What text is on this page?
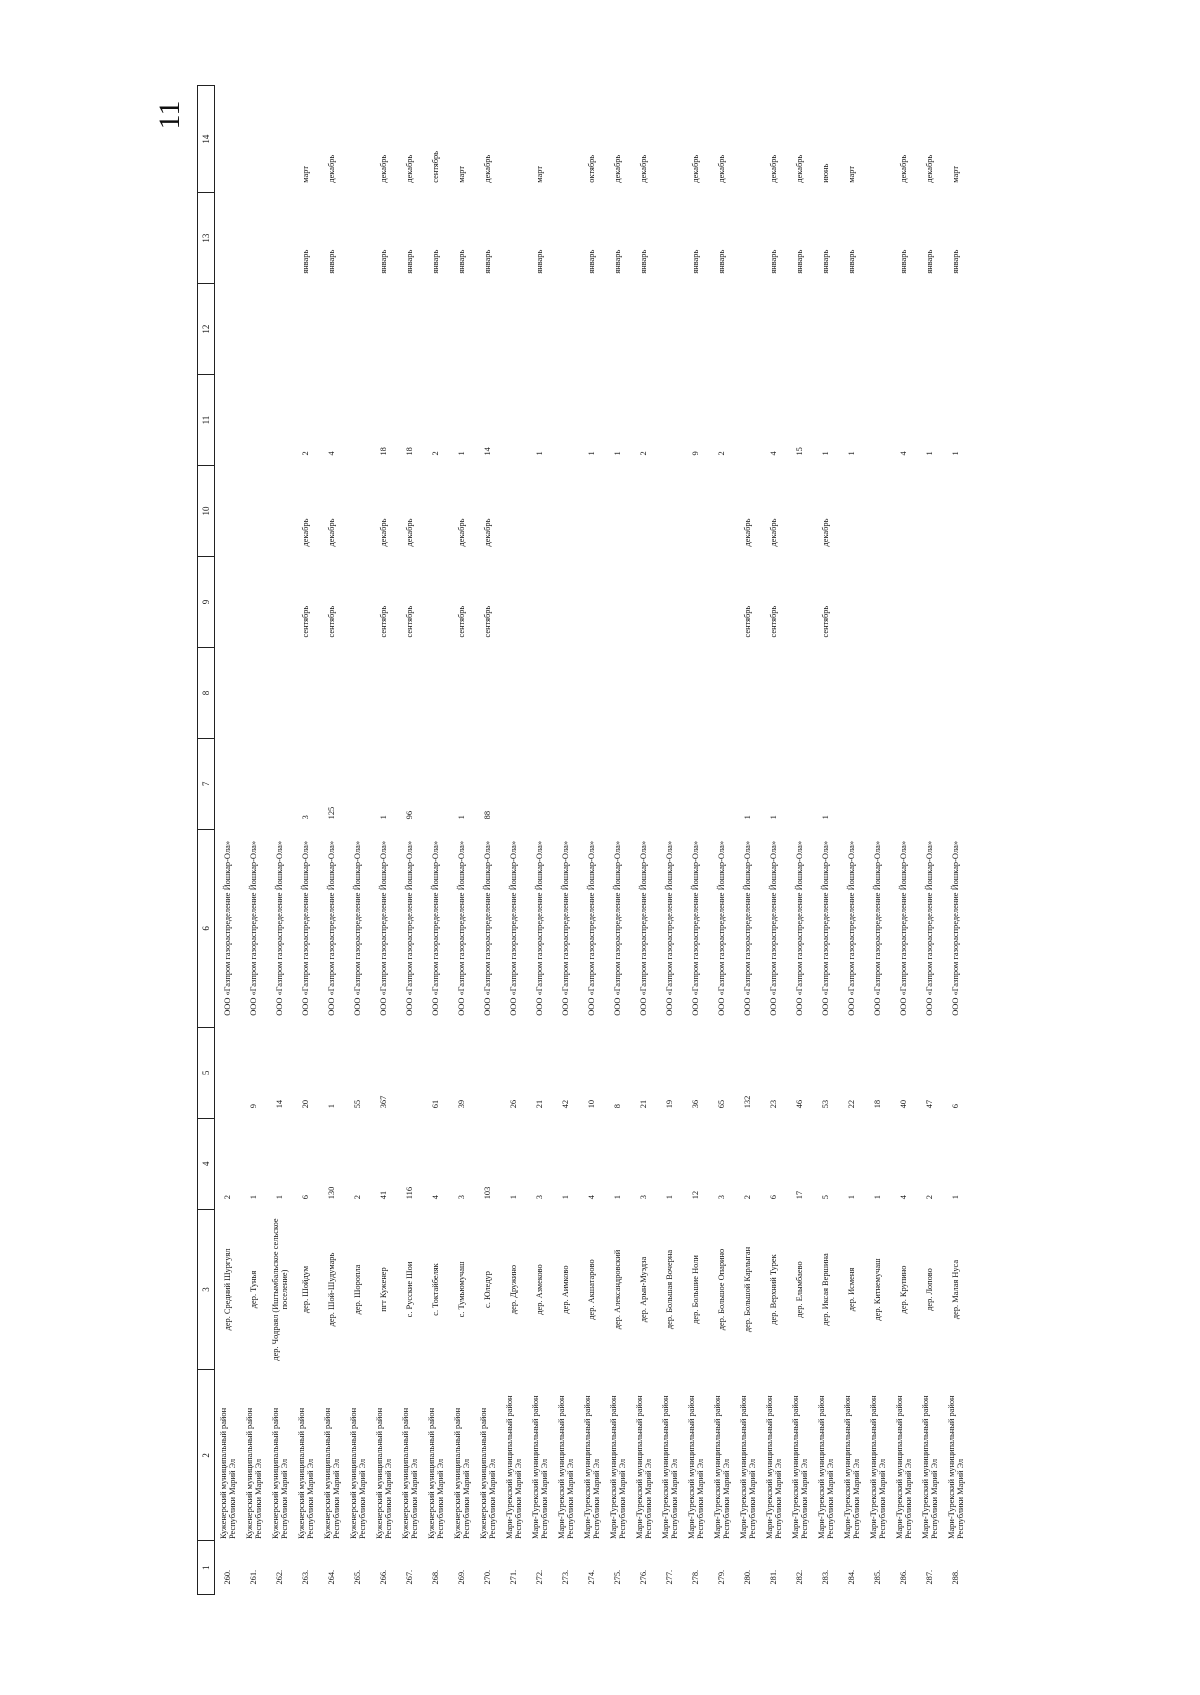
11
1	2	3	4	5	6	7	8	9	10	11	12	13	14
260.	Куженерский муниципальный район Республики Марий Эл	дер. Средний Шургуял	2		ООО «Газпром газораспределение Йошкар-Ола»								
261.	Куженерский муниципальный район Республики Марий Эл	дер. Тунья	1	9	ООО «Газпром газораспределение Йошкар-Ола»								
262.	Куженерский муниципальный район Республики Марий Эл	дер. Чодраял (Иштымбальское сельское поселение)	1	14	ООО «Газпром газораспределение Йошкар-Ола»								
263.	Куженерский муниципальный район Республики Марий Эл	дер. Шойдум	6	20	ООО «Газпром газораспределение Йошкар-Ола»	3		сентябрь	декабрь	2		январь	март
264.	Куженерский муниципальный район Республики Марий Эл	дер. Шой-Шудумарь	130	1	ООО «Газпром газораспределение Йошкар-Ола»	125		сентябрь	декабрь	4		январь	декабрь
265.	Куженерский муниципальный район Республики Марий Эл	дер. Шоропла	2	55	ООО «Газпром газораспределение Йошкар-Ола»								
266.	Куженерский муниципальный район Республики Марий Эл	пгт Куженер	41	367	ООО «Газпром газораспределение Йошкар-Ола»	1		сентябрь	декабрь	18		январь	декабрь
267.	Куженерский муниципальный район Республики Марий Эл	с. Русские Шои	116		ООО «Газпром газораспределение Йошкар-Ола»	96		сентябрь	декабрь	18		январь	декабрь
268.	Куженерский муниципальный район Республики Марий Эл	с. Токтайбеляк	4	61	ООО «Газпром газораспределение Йошкар-Ола»					2		январь	сентябрь
269.	Куженерский муниципальный район Республики Марий Эл	с. Тумьюмучаш	3	39	ООО «Газпром газораспределение Йошкар-Ола»	1		сентябрь	декабрь	1		январь	март
270.	Куженерский муниципальный район Республики Марий Эл	с. Юледур	103		ООО «Газпром газораспределение Йошкар-Ола»	88		сентябрь	декабрь	14		январь	декабрь
271.	Мари-Турекский муниципальный район Республики Марий Эл	дер. Дружино	1	26	ООО «Газпром газораспределение Йошкар-Ола»								
272.	Мари-Турекский муниципальный район Республики Марий Эл	дер. Азмеково	3	21	ООО «Газпром газораспределение Йошкар-Ола»					1		январь	март
273.	Мари-Турекский муниципальный район Республики Марий Эл	дер. Аимково	1	42	ООО «Газпром газораспределение Йошкар-Ола»								
274.	Мари-Турекский муниципальный район Республики Марий Эл	дер. Акшатарово	4	10	ООО «Газпром газораспределение Йошкар-Ола»					1		январь	октябрь
275.	Мари-Турекский муниципальный район Республики Марий Эл	дер. Александровский	1	8	ООО «Газпром газораспределение Йошкар-Ола»					1		январь	декабрь
276.	Мари-Турекский муниципальный район Республики Марий Эл	дер. Арын-Муэдза	3	21	ООО «Газпром газораспределение Йошкар-Ола»					2		январь	декабрь
277.	Мари-Турекский муниципальный район Республики Марий Эл	дер. Большая Вочерна	1	19	ООО «Газпром газораспределение Йошкар-Ола»								
278.	Мари-Турекский муниципальный район Республики Марий Эл	дер. Большие Ноли	12	36	ООО «Газпром газораспределение Йошкар-Ола»					9		январь	декабрь
279.	Мари-Турекский муниципальный район Республики Марий Эл	дер. Большое Опарино	3	65	ООО «Газпром газораспределение Йошкар-Ола»					2		январь	декабрь
280.	Мари-Турекский муниципальный район Республики Марий Эл	дер. Большой Карлыган	2	132	ООО «Газпром газораспределение Йошкар-Ола»	1		сентябрь	декабрь				
281.	Мари-Турекский муниципальный район Республики Марий Эл	дер. Верхний Турек	6	23	ООО «Газпром газораспределение Йошкар-Ола»	1		сентябрь	декабрь	4		январь	декабрь
282.	Мари-Турекский муниципальный район Республики Марий Эл	дер. Елымбаево	17	46	ООО «Газпром газораспределение Йошкар-Ола»					15		январь	декабрь
283.	Мари-Турекский муниципальный район Республики Марий Эл	дер. Иксая Вершина	5	53	ООО «Газпром газораспределение Йошкар-Ола»	1		сентябрь	декабрь	1		январь	июнь
284.	Мари-Турекский муниципальный район Республики Марий Эл	дер. Исменя	1	22	ООО «Газпром газораспределение Йошкар-Ола»					1		январь	март
285.	Мари-Турекский муниципальный район Республики Марий Эл	дер. Китнемучаш	1	18	ООО «Газпром газораспределение Йошкар-Ола»								
286.	Мари-Турекский муниципальный район Республики Марий Эл	дер. Крупино	4	40	ООО «Газпром газораспределение Йошкар-Ола»					4		январь	декабрь
287.	Мари-Турекский муниципальный район Республики Марий Эл	дер. Лопово	2	47	ООО «Газпром газораспределение Йошкар-Ола»					1		январь	декабрь
288.	Мари-Турекский муниципальный район Республики Марий Эл	дер. Малая Нуса	1	6	ООО «Газпром газораспределение Йошкар-Ола»					1		январь	март
